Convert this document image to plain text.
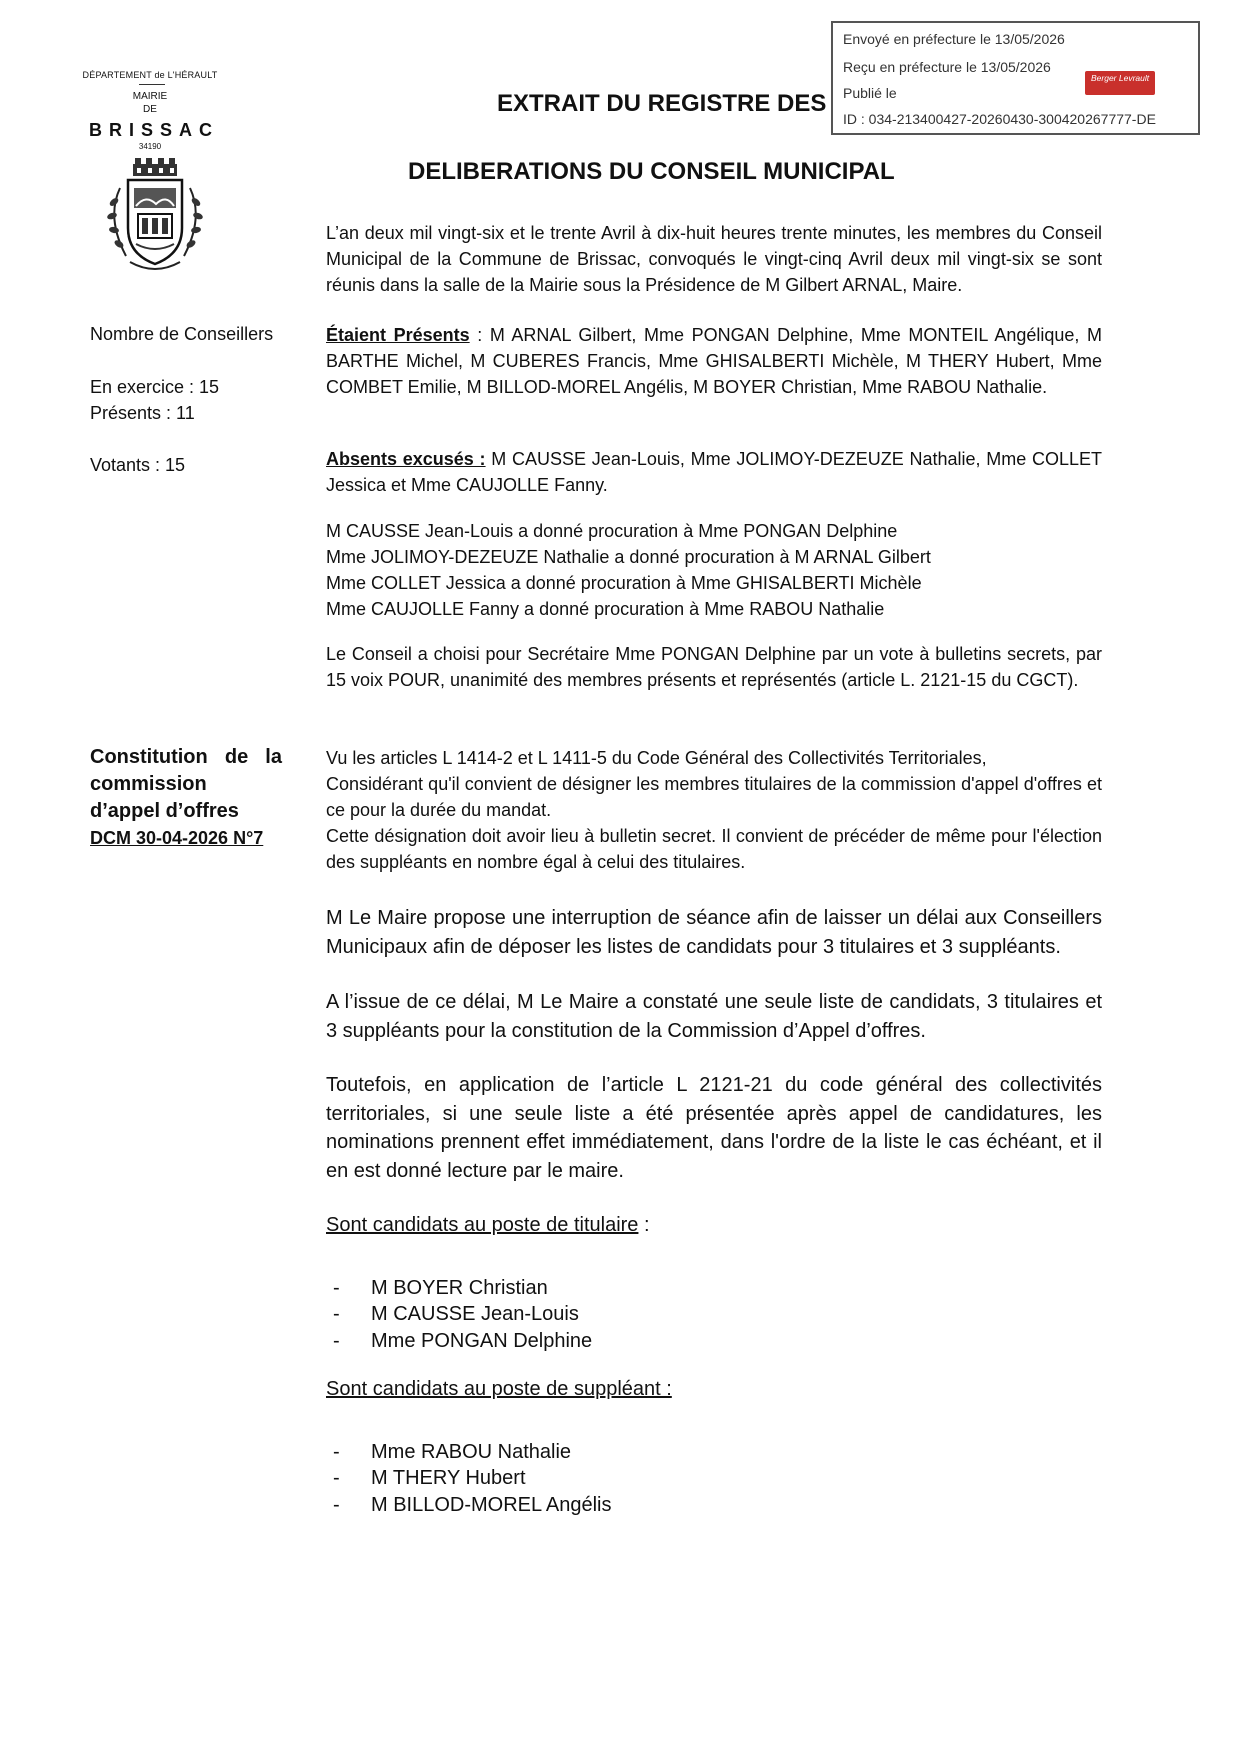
Envoyé en préfecture le 13/05/2026
Reçu en préfecture le 13/05/2026
Publié le
ID : 034-213400427-20260430-300420267777-DE
Berger Levrault
DÉPARTEMENT de L'HÉRAULT
MAIRIE
DE
BRISSAC
34190
EXTRAIT DU REGISTRE DES
DELIBERATIONS DU CONSEIL MUNICIPAL
L’an deux mil vingt-six et le trente Avril à dix-huit heures trente minutes, les membres du Conseil Municipal de la Commune de Brissac, convoqués le vingt-cinq Avril deux mil vingt-six se sont réunis dans la salle de la Mairie sous la Présidence de M Gilbert ARNAL, Maire.
Nombre de Conseillers
En exercice : 15
Présents : 11
Votants : 15
Étaient Présents : M ARNAL Gilbert, Mme PONGAN Delphine, Mme MONTEIL Angélique, M BARTHE Michel, M CUBERES Francis, Mme GHISALBERTI Michèle, M THERY Hubert, Mme COMBET Emilie, M BILLOD-MOREL Angélis, M BOYER Christian, Mme RABOU Nathalie.
Absents excusés : M CAUSSE Jean-Louis, Mme JOLIMOY-DEZEUZE Nathalie, Mme COLLET Jessica et Mme CAUJOLLE Fanny.
M CAUSSE Jean-Louis a donné procuration à Mme PONGAN Delphine
Mme JOLIMOY-DEZEUZE Nathalie a donné procuration à M ARNAL Gilbert
Mme COLLET Jessica a donné procuration à Mme GHISALBERTI Michèle
Mme CAUJOLLE Fanny a donné procuration à Mme RABOU Nathalie
Le Conseil a choisi pour Secrétaire Mme PONGAN Delphine par un vote à bulletins secrets, par 15 voix POUR, unanimité des membres présents et représentés (article L. 2121-15 du CGCT).
Constitution de la
commission
d’appel d’offres
DCM 30-04-2026 N°7
Vu les articles L 1414-2 et L 1411-5 du Code Général des Collectivités Territoriales,
Considérant qu'il convient de désigner les membres titulaires de la commission d'appel d'offres et ce pour la durée du mandat.
Cette désignation doit avoir lieu à bulletin secret. Il convient de précéder de même pour l'élection des suppléants en nombre égal à celui des titulaires.
M Le Maire propose une interruption de séance afin de laisser un délai aux Conseillers Municipaux afin de déposer les listes de candidats pour 3 titulaires et 3 suppléants.
A l’issue de ce délai, M Le Maire a constaté une seule liste de candidats, 3 titulaires et 3 suppléants pour la constitution de la Commission d’Appel d’offres.
Toutefois, en application de l’article L 2121-21 du code général des collectivités territoriales, si une seule liste a été présentée après appel de candidatures, les nominations prennent effet immédiatement, dans l'ordre de la liste le cas échéant, et il en est donné lecture par le maire.
Sont candidats au poste de titulaire :
- M BOYER Christian
- M CAUSSE Jean-Louis
- Mme PONGAN Delphine
Sont candidats au poste de suppléant :
- Mme RABOU Nathalie
- M THERY Hubert
- M BILLOD-MOREL Angélis
